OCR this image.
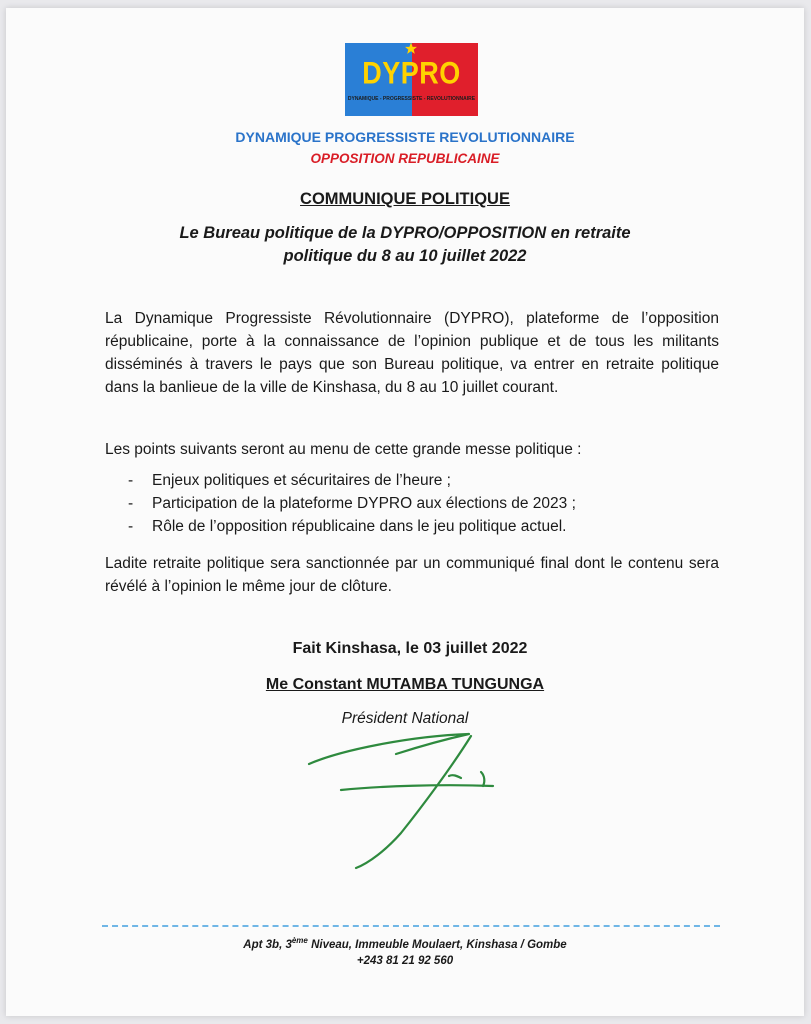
DYPRO
DYNAMIQUE - PROGRESSISTE - REVOLUTIONNAIRE
DYNAMIQUE PROGRESSISTE REVOLUTIONNAIRE
OPPOSITION REPUBLICAINE
COMMUNIQUE POLITIQUE
Le Bureau politique de la DYPRO/OPPOSITION en retraite
politique du 8 au 10 juillet 2022
La Dynamique Progressiste Révolutionnaire (DYPRO), plateforme de l’opposition républicaine, porte à la connaissance de l’opinion publique et de tous les militants disséminés à travers le pays que son Bureau politique, va entrer en retraite politique dans la banlieue de la ville de Kinshasa, du 8 au 10 juillet courant.
Les points suivants seront au menu de cette grande messe politique :
-	Enjeux politiques et sécuritaires de l’heure ;
-	Participation de la plateforme DYPRO aux élections de 2023 ;
-	Rôle de l’opposition républicaine dans le jeu politique actuel.
Ladite retraite politique sera sanctionnée par un communiqué final dont le contenu sera révélé à l’opinion le même jour de clôture.
Fait Kinshasa, le 03 juillet 2022
Me Constant MUTAMBA TUNGUNGA
Président National
Apt 3b, 3ème Niveau, Immeuble Moulaert, Kinshasa / Gombe
+243 81 21 92 560
